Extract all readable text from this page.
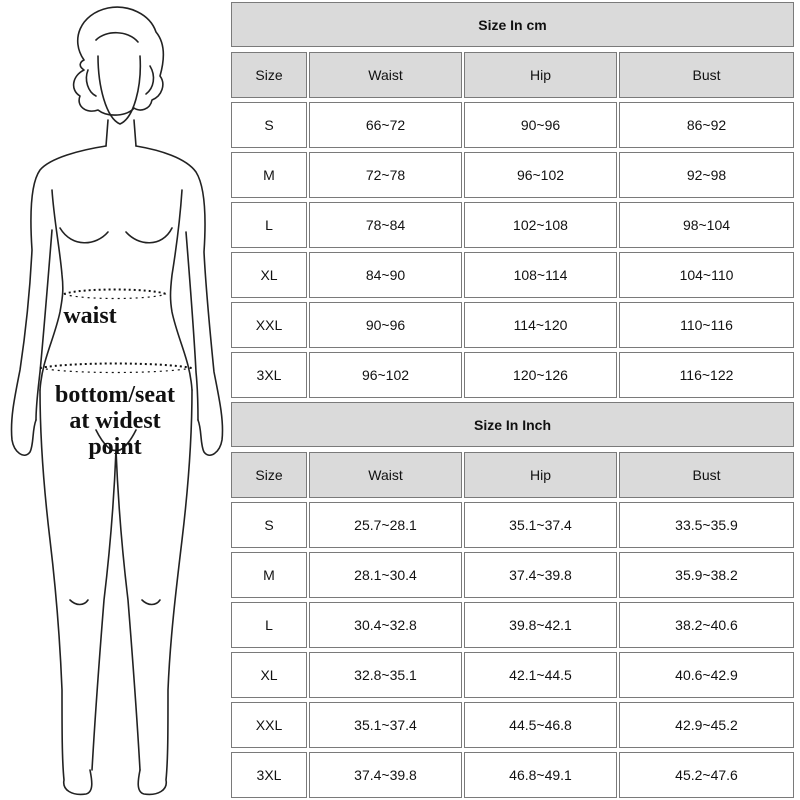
waist
bottom/seat
at widest
point
Size In cm
Size	Waist	Hip	Bust
S	66~72	90~96	86~92
M	72~78	96~102	92~98
L	78~84	102~108	98~104
XL	84~90	108~114	104~110
XXL	90~96	114~120	110~116
3XL	96~102	120~126	116~122
Size In Inch
Size	Waist	Hip	Bust
S	25.7~28.1	35.1~37.4	33.5~35.9
M	28.1~30.4	37.4~39.8	35.9~38.2
L	30.4~32.8	39.8~42.1	38.2~40.6
XL	32.8~35.1	42.1~44.5	40.6~42.9
XXL	35.1~37.4	44.5~46.8	42.9~45.2
3XL	37.4~39.8	46.8~49.1	45.2~47.6
